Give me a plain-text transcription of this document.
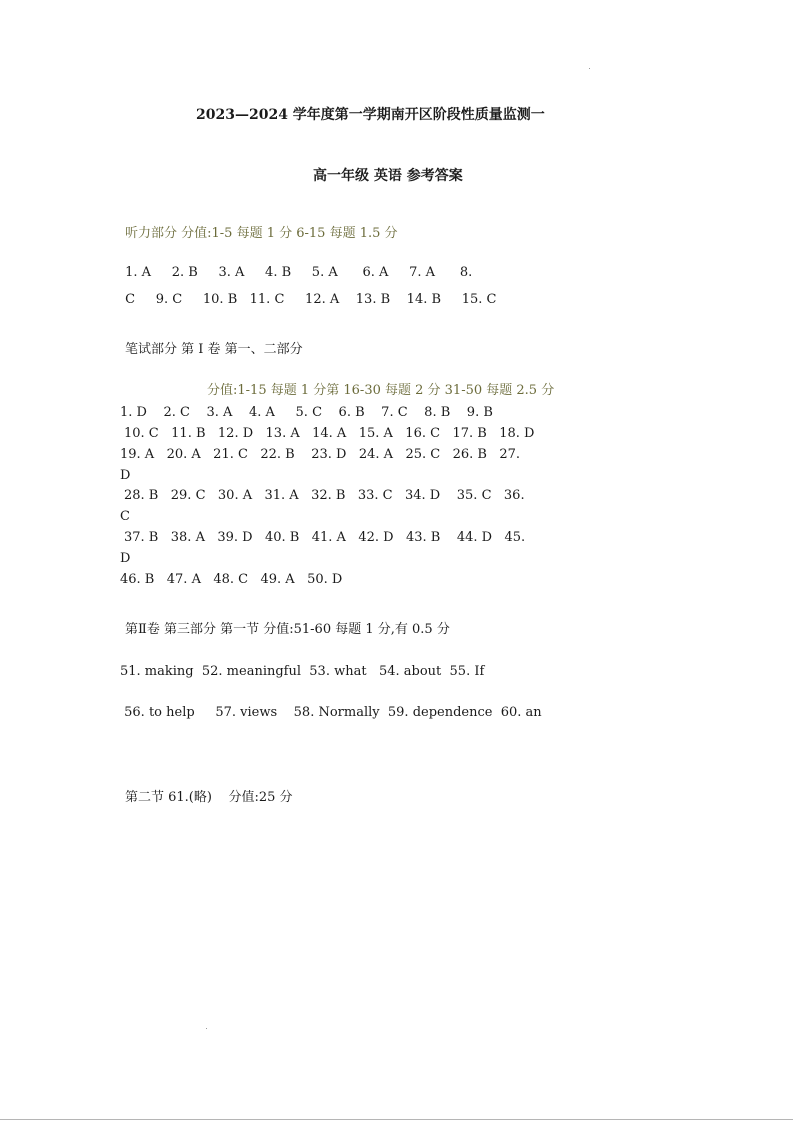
2023—2024 学年度第一学期南开区阶段性质量监测一
高一年级 英语 参考答案
听力部分 分值:1-5 每题 1 分 6-15 每题 1.5 分
1. A     2. B     3. A     4. B     5. A      6. A     7. A      8.
C     9. C     10. B   11. C     12. A    13. B    14. B     15. C
笔试部分 第 I 卷 第一、二部分
分值:1-15 每题 1 分第 16-30 每题 2 分 31-50 每题 2.5 分
1. D    2. C    3. A    4. A     5. C    6. B    7. C    8. B    9. B
10. C   11. B   12. D   13. A   14. A   15. A   16. C   17. B   18. D
19. A   20. A   21. C   22. B    23. D   24. A   25. C   26. B   27.
D
28. B   29. C   30. A   31. A   32. B   33. C   34. D    35. C   36.
C
37. B   38. A   39. D   40. B   41. A   42. D   43. B    44. D   45.
D
46. B   47. A   48. C   49. A   50. D
第Ⅱ卷 第三部分 第一节 分值:51-60 每题 1 分,有 0.5 分
51. making  52. meaningful  53. what   54. about  55. If
56. to help     57. views    58. Normally  59. dependence  60. an
第二节 61.(略)    分值:25 分
